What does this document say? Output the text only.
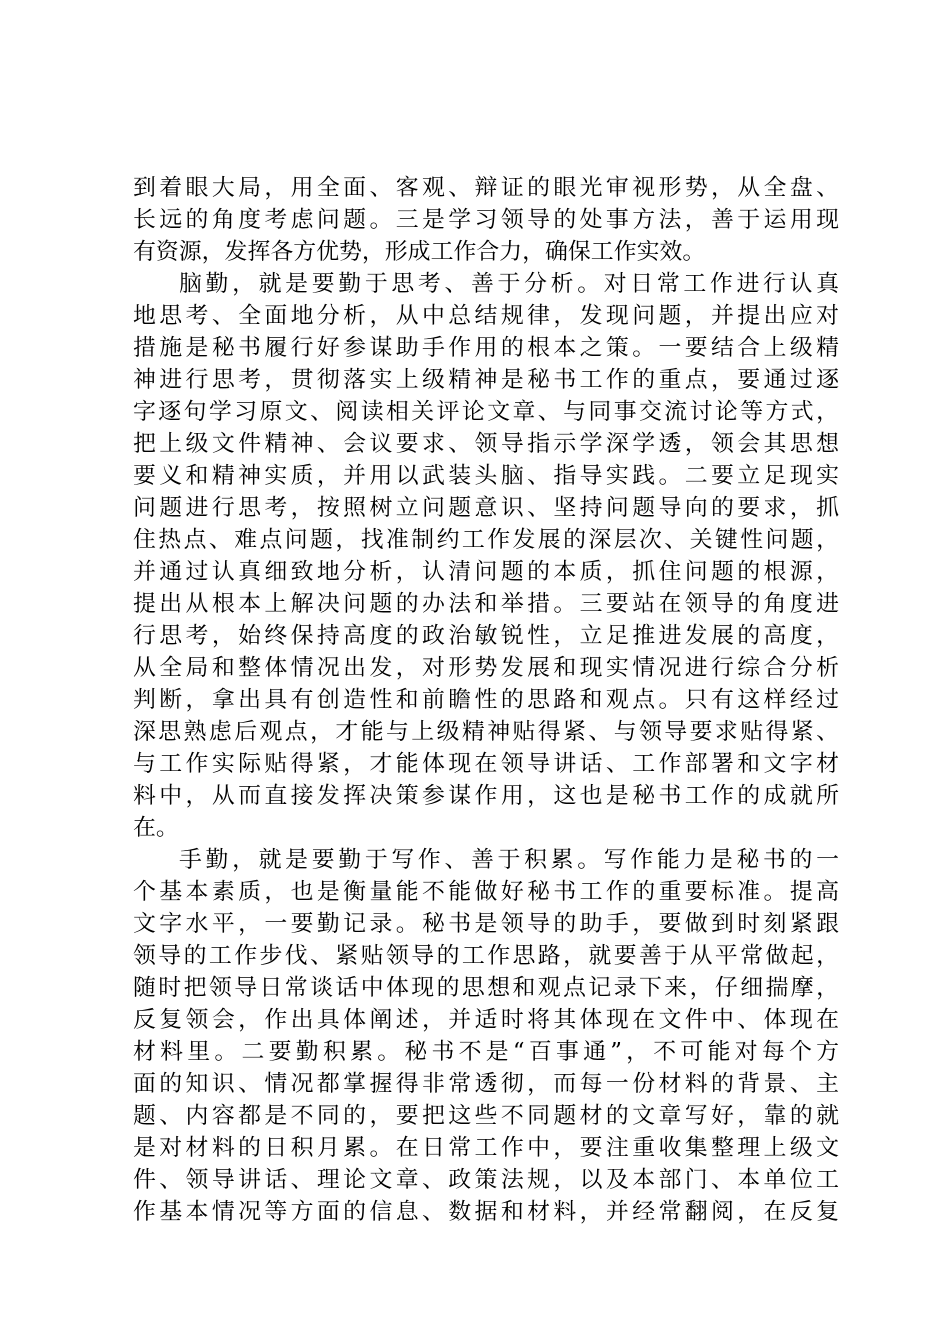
到着眼大局，用全面、客观、辩证的眼光审视形势，从全盘、
长远的角度考虑问题。三是学习领导的处事方法，善于运用现
有资源，发挥各方优势，形成工作合力，确保工作实效。
脑勤，就是要勤于思考、善于分析。对日常工作进行认真
地思考、全面地分析，从中总结规律，发现问题，并提出应对
措施是秘书履行好参谋助手作用的根本之策。一要结合上级精
神进行思考，贯彻落实上级精神是秘书工作的重点，要通过逐
字逐句学习原文、阅读相关评论文章、与同事交流讨论等方式，
把上级文件精神、会议要求、领导指示学深学透，领会其思想
要义和精神实质，并用以武装头脑、指导实践。二要立足现实
问题进行思考，按照树立问题意识、坚持问题导向的要求，抓
住热点、难点问题，找准制约工作发展的深层次、关键性问题，
并通过认真细致地分析，认清问题的本质，抓住问题的根源，
提出从根本上解决问题的办法和举措。三要站在领导的角度进
行思考，始终保持高度的政治敏锐性，立足推进发展的高度，
从全局和整体情况出发，对形势发展和现实情况进行综合分析
判断，拿出具有创造性和前瞻性的思路和观点。只有这样经过
深思熟虑后观点，才能与上级精神贴得紧、与领导要求贴得紧、
与工作实际贴得紧，才能体现在领导讲话、工作部署和文字材
料中，从而直接发挥决策参谋作用，这也是秘书工作的成就所
在。
手勤，就是要勤于写作、善于积累。写作能力是秘书的一
个基本素质，也是衡量能不能做好秘书工作的重要标准。提高
文字水平，一要勤记录。秘书是领导的助手，要做到时刻紧跟
领导的工作步伐、紧贴领导的工作思路，就要善于从平常做起，
随时把领导日常谈话中体现的思想和观点记录下来，仔细揣摩，
反复领会，作出具体阐述，并适时将其体现在文件中、体现在
材料里。二要勤积累。秘书不是“百事通”，不可能对每个方
面的知识、情况都掌握得非常透彻，而每一份材料的背景、主
题、内容都是不同的，要把这些不同题材的文章写好，靠的就
是对材料的日积月累。在日常工作中，要注重收集整理上级文
件、领导讲话、理论文章、政策法规，以及本部门、本单位工
作基本情况等方面的信息、数据和材料，并经常翻阅，在反复
